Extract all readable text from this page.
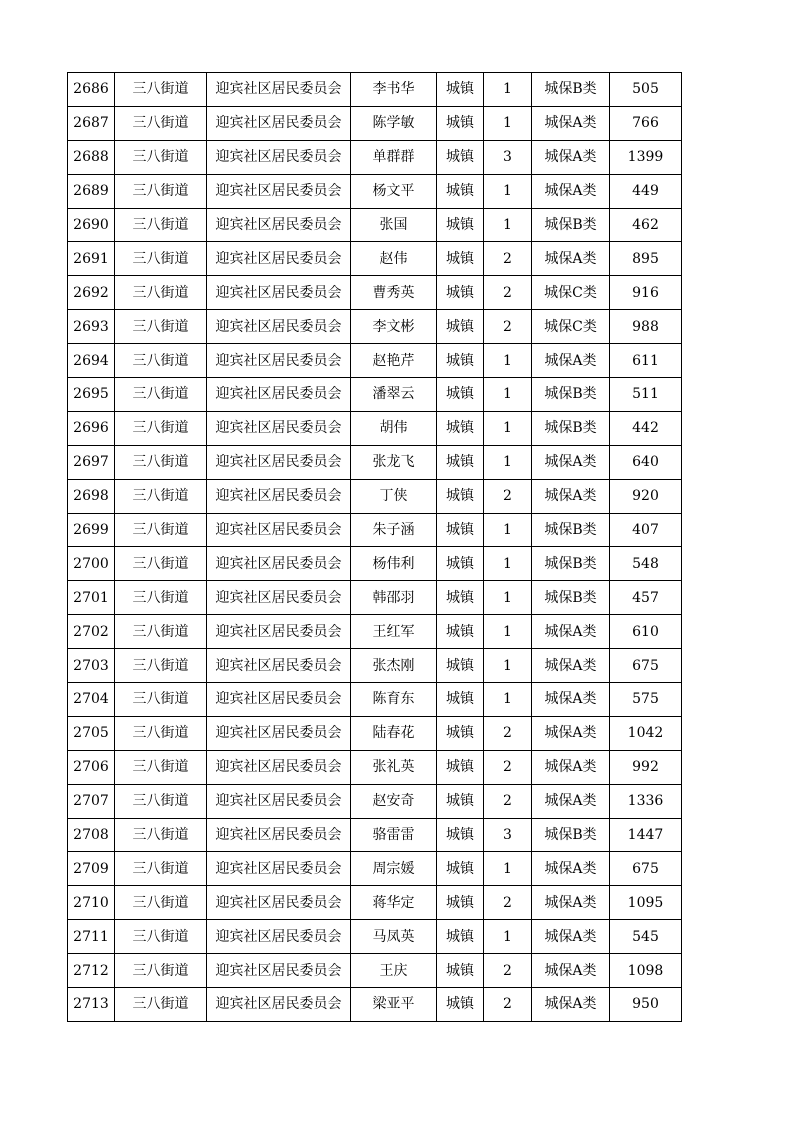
2686	三八街道	迎宾社区居民委员会	李书华	城镇	1	城保B类	505
2687	三八街道	迎宾社区居民委员会	陈学敏	城镇	1	城保A类	766
2688	三八街道	迎宾社区居民委员会	单群群	城镇	3	城保A类	1399
2689	三八街道	迎宾社区居民委员会	杨文平	城镇	1	城保A类	449
2690	三八街道	迎宾社区居民委员会	张国	城镇	1	城保B类	462
2691	三八街道	迎宾社区居民委员会	赵伟	城镇	2	城保A类	895
2692	三八街道	迎宾社区居民委员会	曹秀英	城镇	2	城保C类	916
2693	三八街道	迎宾社区居民委员会	李文彬	城镇	2	城保C类	988
2694	三八街道	迎宾社区居民委员会	赵艳芹	城镇	1	城保A类	611
2695	三八街道	迎宾社区居民委员会	潘翠云	城镇	1	城保B类	511
2696	三八街道	迎宾社区居民委员会	胡伟	城镇	1	城保B类	442
2697	三八街道	迎宾社区居民委员会	张龙飞	城镇	1	城保A类	640
2698	三八街道	迎宾社区居民委员会	丁侠	城镇	2	城保A类	920
2699	三八街道	迎宾社区居民委员会	朱子涵	城镇	1	城保B类	407
2700	三八街道	迎宾社区居民委员会	杨伟利	城镇	1	城保B类	548
2701	三八街道	迎宾社区居民委员会	韩邵羽	城镇	1	城保B类	457
2702	三八街道	迎宾社区居民委员会	王红军	城镇	1	城保A类	610
2703	三八街道	迎宾社区居民委员会	张杰刚	城镇	1	城保A类	675
2704	三八街道	迎宾社区居民委员会	陈育东	城镇	1	城保A类	575
2705	三八街道	迎宾社区居民委员会	陆春花	城镇	2	城保A类	1042
2706	三八街道	迎宾社区居民委员会	张礼英	城镇	2	城保A类	992
2707	三八街道	迎宾社区居民委员会	赵安奇	城镇	2	城保A类	1336
2708	三八街道	迎宾社区居民委员会	骆雷雷	城镇	3	城保B类	1447
2709	三八街道	迎宾社区居民委员会	周宗媛	城镇	1	城保A类	675
2710	三八街道	迎宾社区居民委员会	蒋华定	城镇	2	城保A类	1095
2711	三八街道	迎宾社区居民委员会	马凤英	城镇	1	城保A类	545
2712	三八街道	迎宾社区居民委员会	王庆	城镇	2	城保A类	1098
2713	三八街道	迎宾社区居民委员会	梁亚平	城镇	2	城保A类	950
